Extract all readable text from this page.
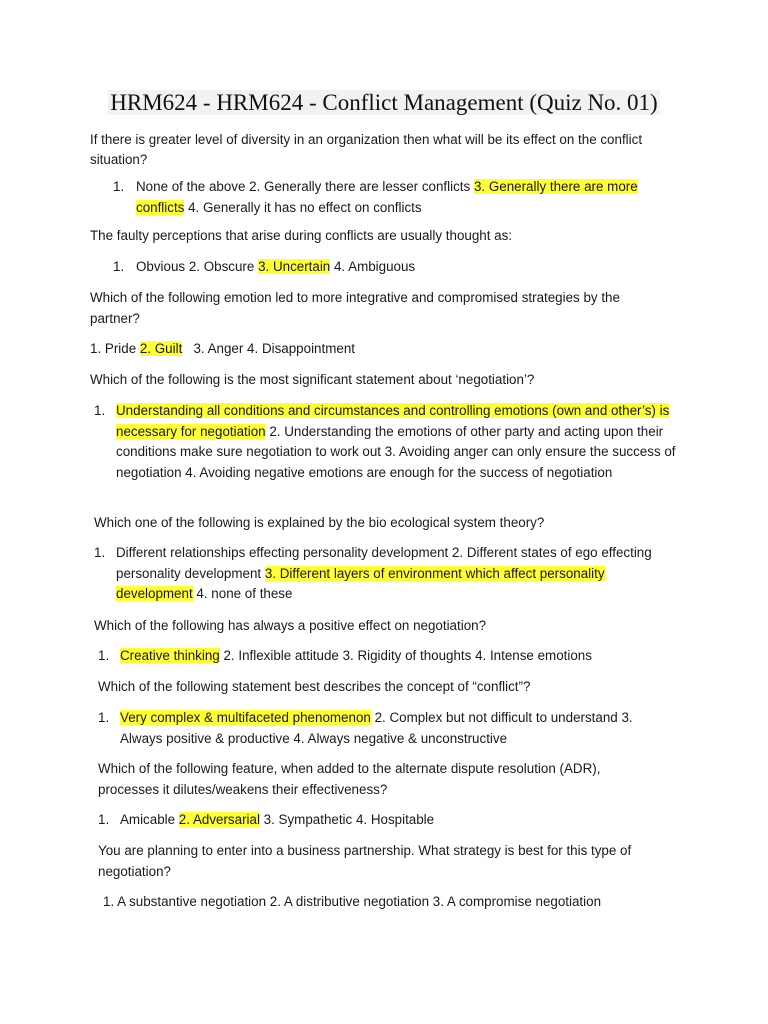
HRM624 - HRM624 - Conflict Management (Quiz No. 01)
If there is greater level of diversity in an organization then what will be its effect on the conflict situation?
1. None of the above 2. Generally there are lesser conflicts 3. Generally there are more conflicts 4. Generally it has no effect on conflicts
The faulty perceptions that arise during conflicts are usually thought as:
1. Obvious 2. Obscure 3. Uncertain 4. Ambiguous
Which of the following emotion led to more integrative and compromised strategies by the partner?
1. Pride 2. Guilt   3. Anger 4. Disappointment
Which of the following is the most significant statement about ‘negotiation’?
1. Understanding all conditions and circumstances and controlling emotions (own and other’s) is necessary for negotiation 2. Understanding the emotions of other party and acting upon their conditions make sure negotiation to work out 3. Avoiding anger can only ensure the success of negotiation 4. Avoiding negative emotions are enough for the success of negotiation
Which one of the following is explained by the bio ecological system theory?
1. Different relationships effecting personality development 2. Different states of ego effecting personality development 3. Different layers of environment which affect personality development 4. none of these
Which of the following has always a positive effect on negotiation?
1. Creative thinking 2. Inflexible attitude 3. Rigidity of thoughts 4. Intense emotions
Which of the following statement best describes the concept of “conflict”?
1. Very complex & multifaceted phenomenon 2. Complex but not difficult to understand 3. Always positive & productive 4. Always negative & unconstructive
Which of the following feature, when added to the alternate dispute resolution (ADR), processes it dilutes/weakens their effectiveness?
1. Amicable 2. Adversarial 3. Sympathetic 4. Hospitable
You are planning to enter into a business partnership. What strategy is best for this type of negotiation?
1. A substantive negotiation 2. A distributive negotiation 3. A compromise negotiation
